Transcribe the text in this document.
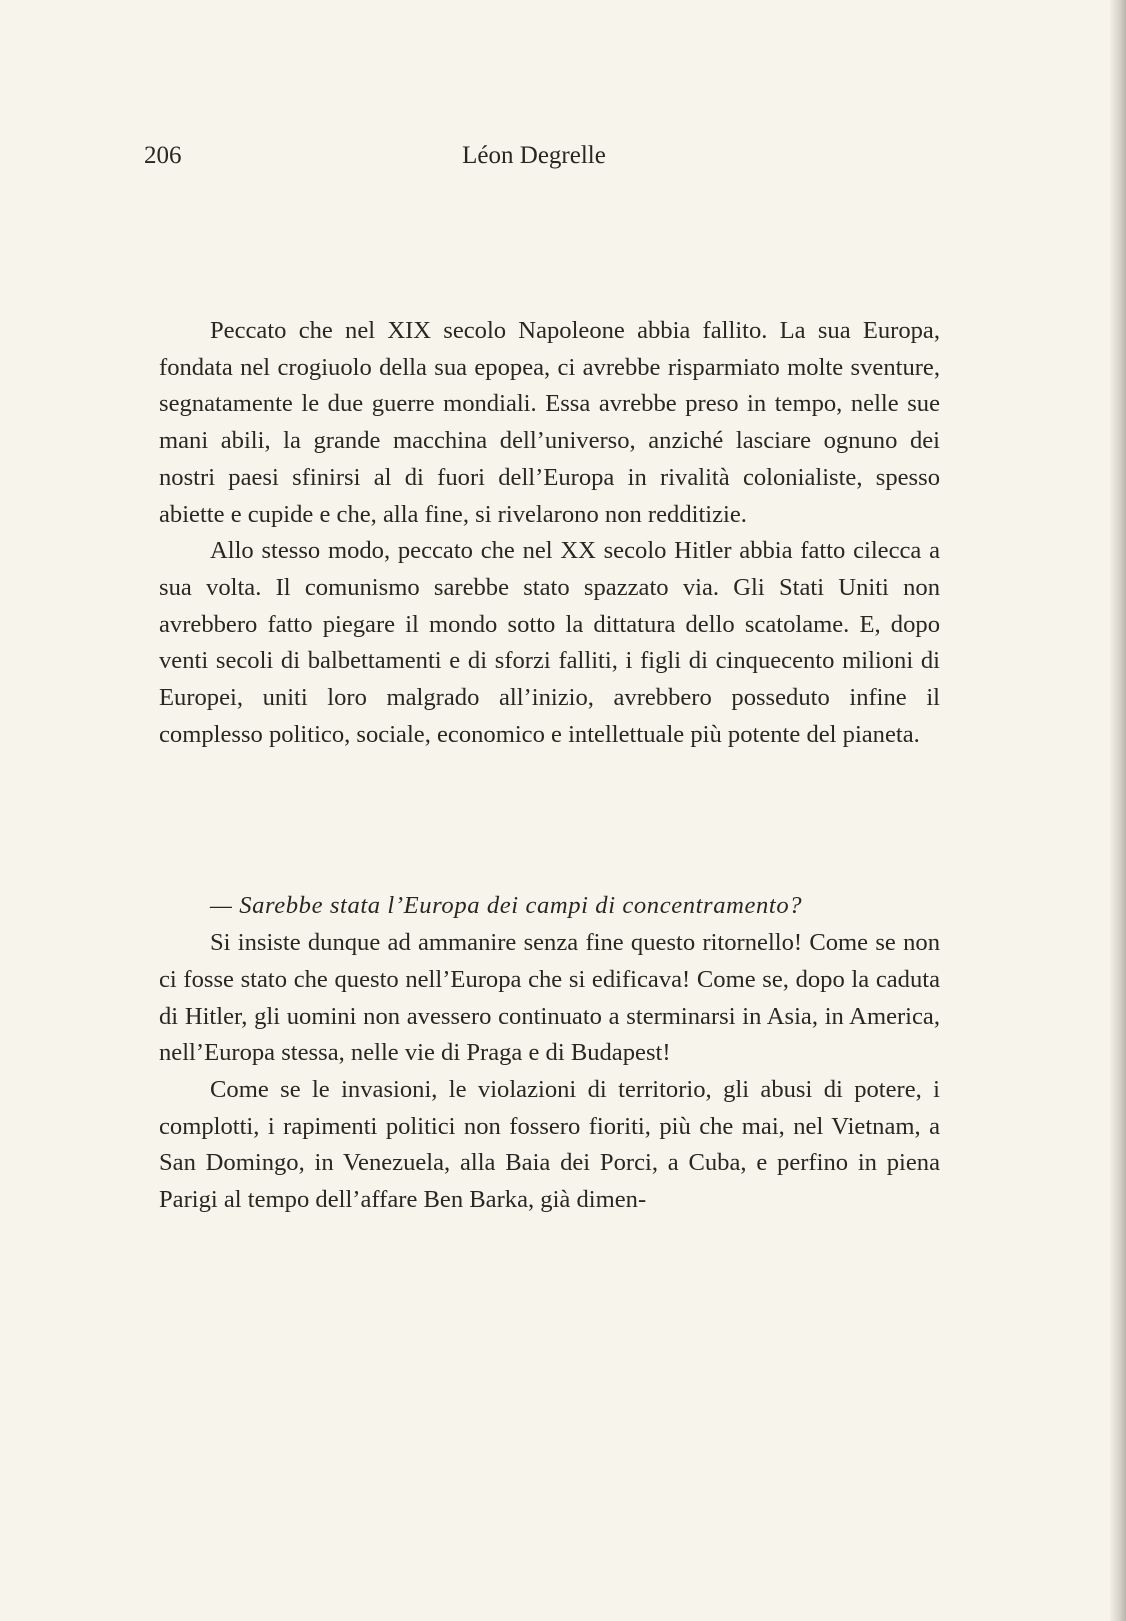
206	Léon Degrelle

Peccato che nel XIX secolo Napoleone abbia fallito. La sua Europa, fondata nel crogiuolo della sua epopea, ci avrebbe risparmiato molte sventure, segnatamente le due guerre mondiali. Essa avrebbe preso in tempo, nelle sue mani abili, la grande macchina dell’universo, anziché lasciare ognuno dei nostri paesi sfinirsi al di fuori dell’Europa in rivalità colonialiste, spesso abiette e cupide e che, alla fine, si rivelarono non redditizie.

Allo stesso modo, peccato che nel XX secolo Hitler abbia fatto cilecca a sua volta. Il comunismo sarebbe stato spazzato via. Gli Stati Uniti non avrebbero fatto piegare il mondo sotto la dittatura dello scatolame. E, dopo venti secoli di balbettamenti e di sforzi falliti, i figli di cinquecento milioni di Europei, uniti loro malgrado all’inizio, avrebbero posseduto infine il complesso politico, sociale, economico e intellettuale più potente del pianeta.

— Sarebbe stata l’Europa dei campi di concentramento?

Si insiste dunque ad ammanire senza fine questo ritornello! Come se non ci fosse stato che questo nell’Europa che si edificava! Come se, dopo la caduta di Hitler, gli uomini non avessero continuato a sterminarsi in Asia, in America, nell’Europa stessa, nelle vie di Praga e di Budapest!

Come se le invasioni, le violazioni di territorio, gli abusi di potere, i complotti, i rapimenti politici non fossero fioriti, più che mai, nel Vietnam, a San Domingo, in Venezuela, alla Baia dei Porci, a Cuba, e perfino in piena Parigi al tempo dell’affare Ben Barka, già dimen-
